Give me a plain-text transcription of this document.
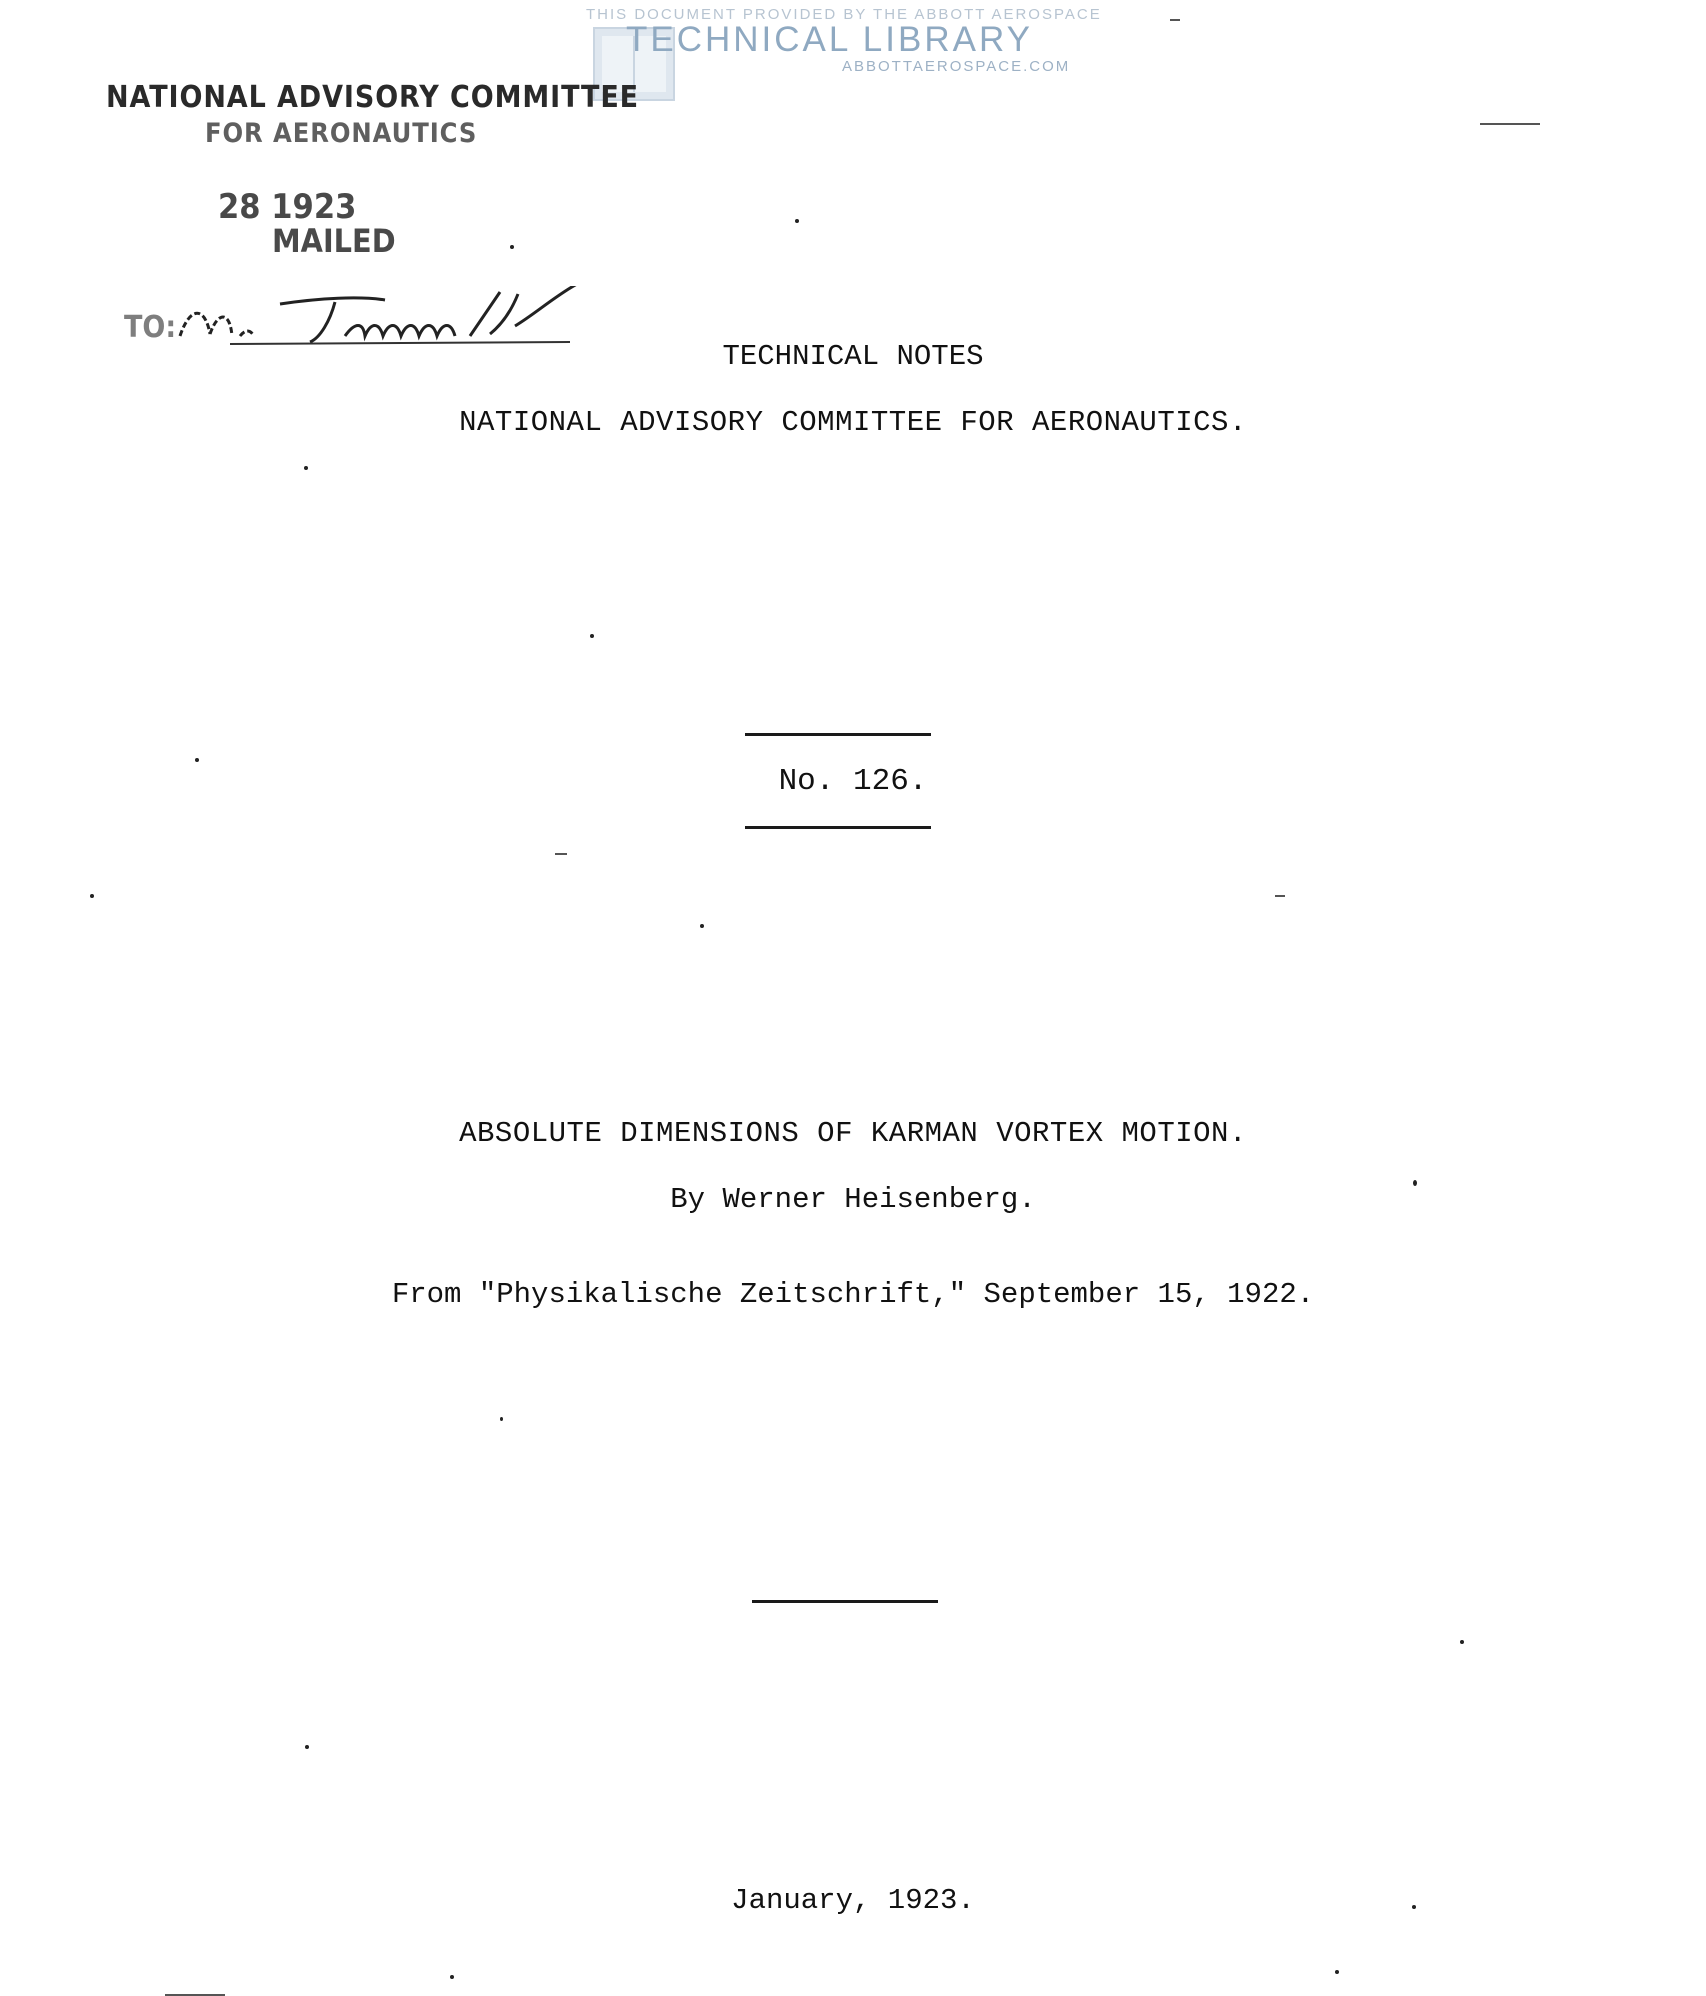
THIS DOCUMENT PROVIDED BY THE ABBOTT AEROSPACE
TECHNICAL LIBRARY
ABBOTTAEROSPACE.COM
NATIONAL ADVISORY COMMITTEE
FOR AERONAUTICS
28 1923
MAILED
TO:
TECHNICAL NOTES
NATIONAL ADVISORY COMMITTEE FOR AERONAUTICS.
No. 126.
ABSOLUTE DIMENSIONS OF KARMAN VORTEX MOTION.
By Werner Heisenberg.
From "Physikalische Zeitschrift," September 15, 1922.
January, 1923.
